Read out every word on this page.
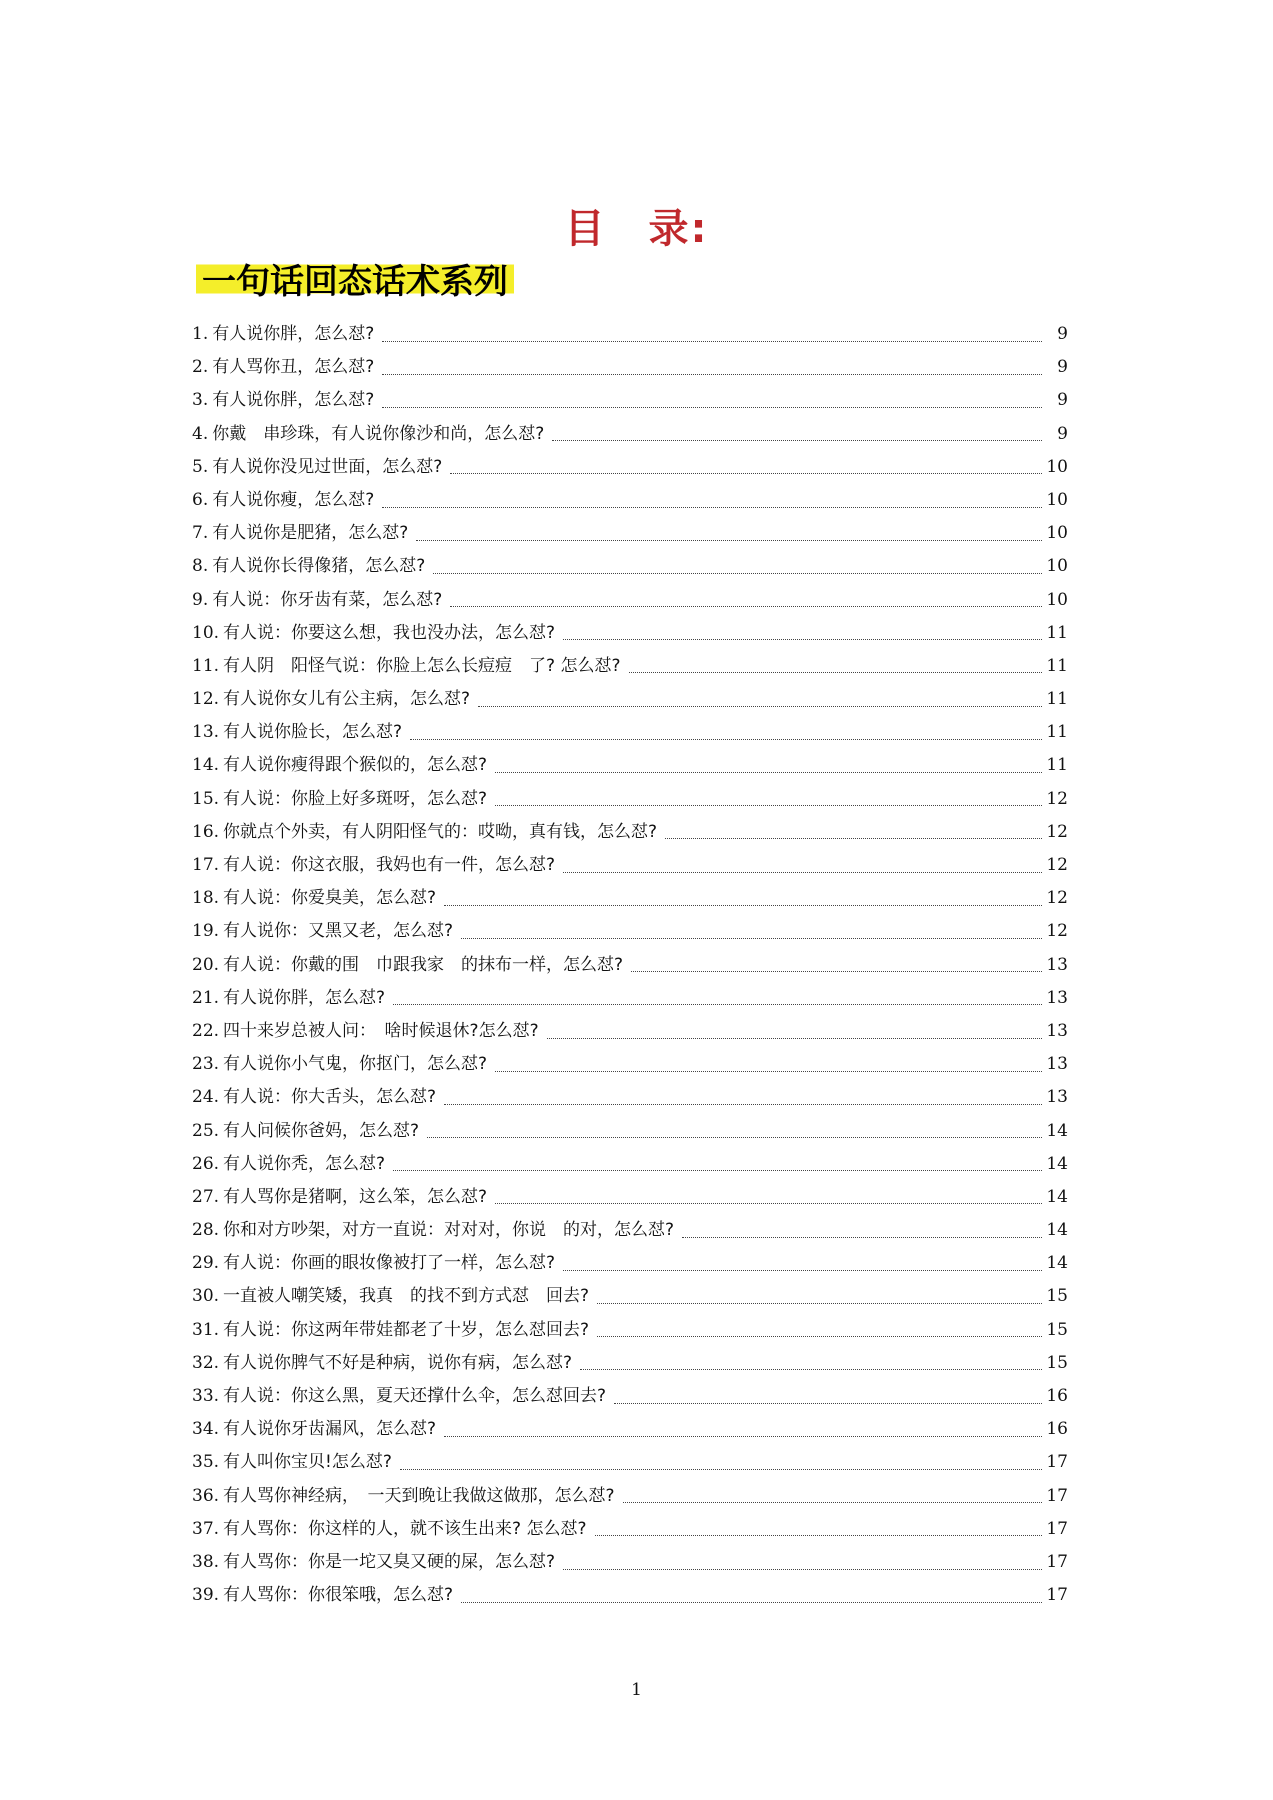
目　录:
一句话回态话术系列
1. 有人说你胖，怎么怼?	9
2. 有人骂你丑，怎么怼?	9
3. 有人说你胖，怎么怼?	9
4. 你戴　串珍珠，有人说你像沙和尚，怎么怼?	9
5. 有人说你没见过世面，怎么怼?	10
6. 有人说你瘦，怎么怼?	10
7. 有人说你是肥猪，怎么怼?	10
8. 有人说你长得像猪，怎么怼?	10
9. 有人说：你牙齿有菜，怎么怼?	10
10. 有人说：你要这么想，我也没办法，怎么怼?	11
11. 有人阴　阳怪气说：你脸上怎么长痘痘　了? 怎么怼?	11
12. 有人说你女儿有公主病，怎么怼?	11
13. 有人说你脸长，怎么怼?	11
14. 有人说你瘦得跟个猴似的，怎么怼?	11
15. 有人说：你脸上好多斑呀，怎么怼?	12
16. 你就点个外卖，有人阴阳怪气的：哎呦，真有钱，怎么怼?	12
17. 有人说：你这衣服，我妈也有一件，怎么怼?	12
18. 有人说：你爱臭美，怎么怼?	12
19. 有人说你：又黑又老，怎么怼?	12
20. 有人说：你戴的围　巾跟我家　的抹布一样，怎么怼?	13
21. 有人说你胖，怎么怼?	13
22. 四十来岁总被人问：　啥时候退休?怎么怼?	13
23. 有人说你小气鬼，你抠门，怎么怼?	13
24. 有人说：你大舌头，怎么怼?	13
25. 有人问候你爸妈，怎么怼?	14
26. 有人说你秃，怎么怼?	14
27. 有人骂你是猪啊，这么笨，怎么怼?	14
28. 你和对方吵架，对方一直说：对对对，你说　的对，怎么怼?	14
29. 有人说：你画的眼妆像被打了一样，怎么怼?	14
30. 一直被人嘲笑矮，我真　的找不到方式怼　回去?	15
31. 有人说：你这两年带娃都老了十岁，怎么怼回去?	15
32. 有人说你脾气不好是种病，说你有病，怎么怼?	15
33. 有人说：你这么黑，夏天还撑什么伞，怎么怼回去?	16
34. 有人说你牙齿漏风，怎么怼?	16
35. 有人叫你宝贝!怎么怼?	17
36. 有人骂你神经病，　一天到晚让我做这做那，怎么怼?	17
37. 有人骂你：你这样的人，就不该生出来? 怎么怼?	17
38. 有人骂你：你是一坨又臭又硬的屎，怎么怼?	17
39. 有人骂你：你很笨哦，怎么怼?	17
1
